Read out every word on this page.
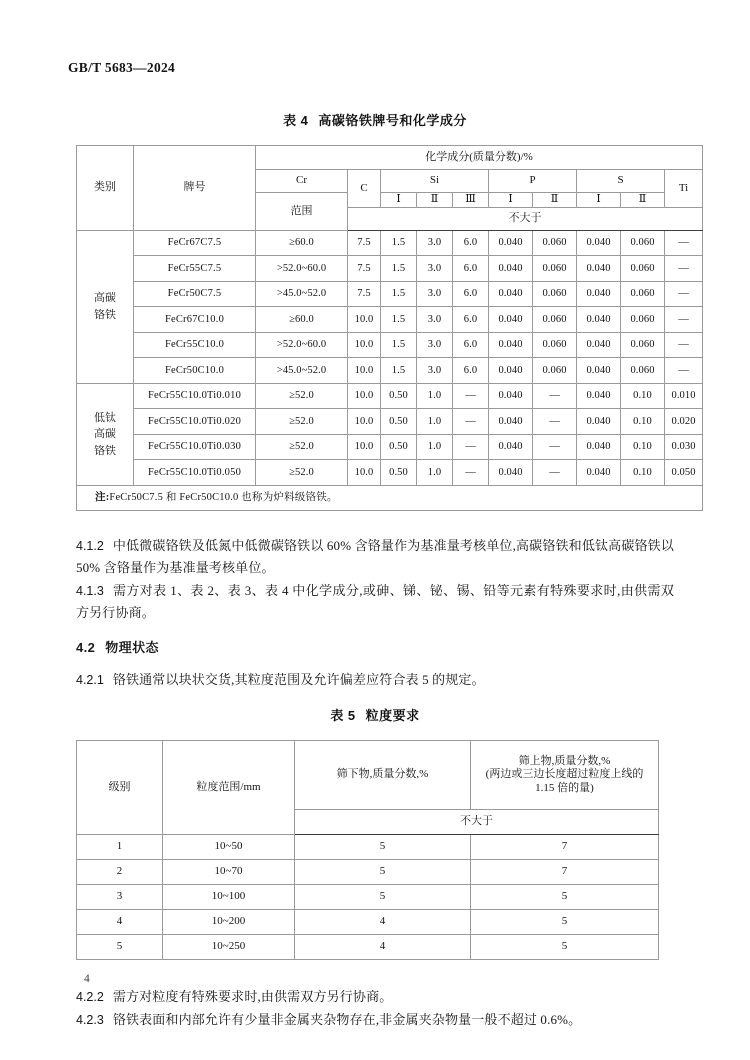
GB/T 5683—2024
表 4 高碳铬铁牌号和化学成分
类别	牌号	化学成分(质量分数)/%									
		Cr	C	Si			P		S		Ti
		范围		Ⅰ	Ⅱ	Ⅲ	Ⅰ	Ⅱ	Ⅰ	Ⅱ	
			不大于								

高碳
铬铁	FeCr67C7.5	≥60.0	7.5	1.5	3.0	6.0	0.040	0.060	0.040	0.060	—
	FeCr55C7.5	>52.0~60.0	7.5	1.5	3.0	6.0	0.040	0.060	0.040	0.060	—
	FeCr50C7.5	>45.0~52.0	7.5	1.5	3.0	6.0	0.040	0.060	0.040	0.060	—
	FeCr67C10.0	≥60.0	10.0	1.5	3.0	6.0	0.040	0.060	0.040	0.060	—
	FeCr55C10.0	>52.0~60.0	10.0	1.5	3.0	6.0	0.040	0.060	0.040	0.060	—
	FeCr50C10.0	>45.0~52.0	10.0	1.5	3.0	6.0	0.040	0.060	0.040	0.060	—

低钛
高碳
铬铁	FeCr55C10.0Ti0.010	≥52.0	10.0	0.50	1.0	—	0.040	—	0.040	0.10	0.010
	FeCr55C10.0Ti0.020	≥52.0	10.0	0.50	1.0	—	0.040	—	0.040	0.10	0.020
	FeCr55C10.0Ti0.030	≥52.0	10.0	0.50	1.0	—	0.040	—	0.040	0.10	0.030
	FeCr55C10.0Ti0.050	≥52.0	10.0	0.50	1.0	—	0.040	—	0.040	0.10	0.050
注:FeCr50C7.5 和 FeCr50C10.0 也称为炉料级铬铁。											

4.1.2 中低微碳铬铁及低氮中低微碳铬铁以 60% 含铬量作为基准量考核单位,高碳铬铁和低钛高碳铬铁以 50% 含铬量作为基准量考核单位。

4.1.3 需方对表 1、表 2、表 3、表 4 中化学成分,或砷、锑、铋、锡、铅等元素有特殊要求时,由供需双方另行协商。

4.2 物理状态

4.2.1 铬铁通常以块状交货,其粒度范围及允许偏差应符合表 5 的规定。

表 5 粒度要求
级别	粒度范围/mm	筛下物,质量分数,%	筛上物,质量分数,%
(两边或三边长度超过粒度上线的
1.15 倍的量)

		不大于	
1	10~50	5	7
2	10~70	5	7
3	10~100	5	5
4	10~200	4	5
5	10~250	4	5

4.2.2 需方对粒度有特殊要求时,由供需双方另行协商。

4.2.3 铬铁表面和内部允许有少量非金属夹杂物存在,非金属夹杂物量一般不超过 0.6%。

4
